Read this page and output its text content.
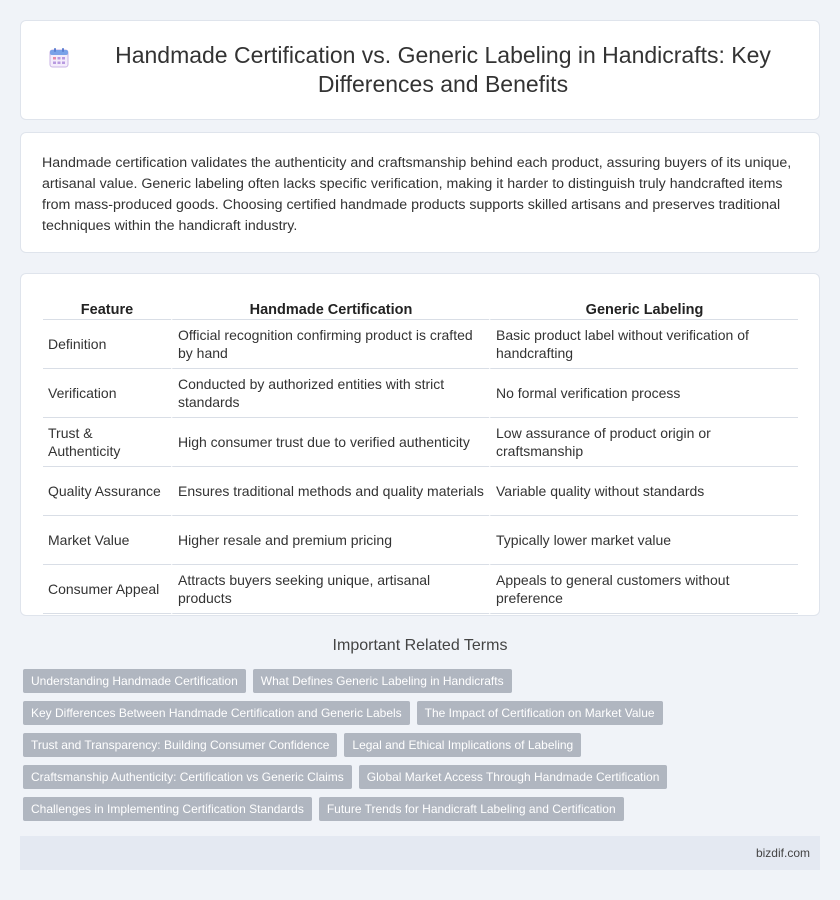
Handmade Certification vs. Generic Labeling in Handicrafts: Key Differences and Benefits

Handmade certification validates the authenticity and craftsmanship behind each product, assuring buyers of its unique, artisanal value. Generic labeling often lacks specific verification, making it harder to distinguish truly handcrafted items from mass-produced goods. Choosing certified handmade products supports skilled artisans and preserves traditional techniques within the handicraft industry.

Feature	Handmade Certification	Generic Labeling
Definition	Official recognition confirming product is crafted by hand	Basic product label without verification of handcrafting
Verification	Conducted by authorized entities with strict standards	No formal verification process
Trust & Authenticity	High consumer trust due to verified authenticity	Low assurance of product origin or craftsmanship
Quality Assurance	Ensures traditional methods and quality materials	Variable quality without standards
Market Value	Higher resale and premium pricing	Typically lower market value
Consumer Appeal	Attracts buyers seeking unique, artisanal products	Appeals to general customers without preference
Important Related Terms
Understanding Handmade Certification	What Defines Generic Labeling in Handicrafts
Key Differences Between Handmade Certification and Generic Labels	The Impact of Certification on Market Value
Trust and Transparency: Building Consumer Confidence	Legal and Ethical Implications of Labeling
Craftsmanship Authenticity: Certification vs Generic Claims	Global Market Access Through Handmade Certification
Challenges in Implementing Certification Standards	Future Trends for Handicraft Labeling and Certification
bizdif.com
